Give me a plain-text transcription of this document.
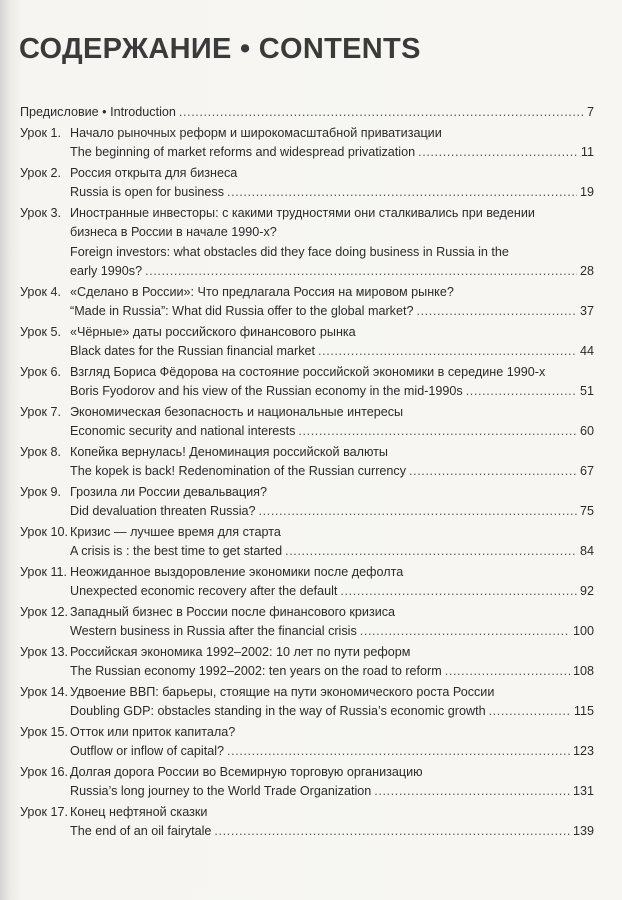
СОДЕРЖАНИЕ • CONTENTS
Предисловие • Introduction .....	7
Урок 1. Начало рыночных реформ и широкомасштабной приватизации
The beginning of market reforms and widespread privatization .....	11
Урок 2. Россия открыта для бизнеса
Russia is open for business .....	19
Урок 3. Иностранные инвесторы: с какими трудностями они сталкивались при ведении
бизнеса в России в начале 1990-х?
Foreign investors: what obstacles did they face doing business in Russia in the
early 1990s? .....	28
Урок 4. «Сделано в России»: Что предлагала Россия на мировом рынке?
“Made in Russia”: What did Russia offer to the global market? .....	37
Урок 5. «Чёрные» даты российского финансового рынка
Black dates for the Russian financial market .....	44
Урок 6. Взгляд Бориса Фёдорова на состояние российской экономики в середине 1990-х
Boris Fyodorov and his view of the Russian economy in the mid-1990s .....	51
Урок 7. Экономическая безопасность и национальные интересы
Economic security and national interests .....	60
Урок 8. Копейка вернулась! Деноминация российской валюты
The kopek is back! Redenomination of the Russian currency .....	67
Урок 9. Грозила ли России девальвация?
Did devaluation threaten Russia? .....	75
Урок 10. Кризис — лучшее время для старта
A crisis is : the best time to get started .....	84
Урок 11. Неожиданное выздоровление экономики после дефолта
Unexpected economic recovery after the default .....	92
Урок 12. Западный бизнес в России после финансового кризиса
Western business in Russia after the financial crisis .....	100
Урок 13. Российская экономика 1992–2002: 10 лет по пути реформ
The Russian economy 1992–2002: ten years on the road to reform .....	108
Урок 14. Удвоение ВВП: барьеры, стоящие на пути экономического роста России
Doubling GDP: obstacles standing in the way of Russia’s economic growth .....	115
Урок 15. Отток или приток капитала?
Outflow or inflow of capital? .....	123
Урок 16. Долгая дорога России во Всемирную торговую организацию
Russia’s long journey to the World Trade Organization .....	131
Урок 17. Конец нефтяной сказки
The end of an oil fairytale .....	139
